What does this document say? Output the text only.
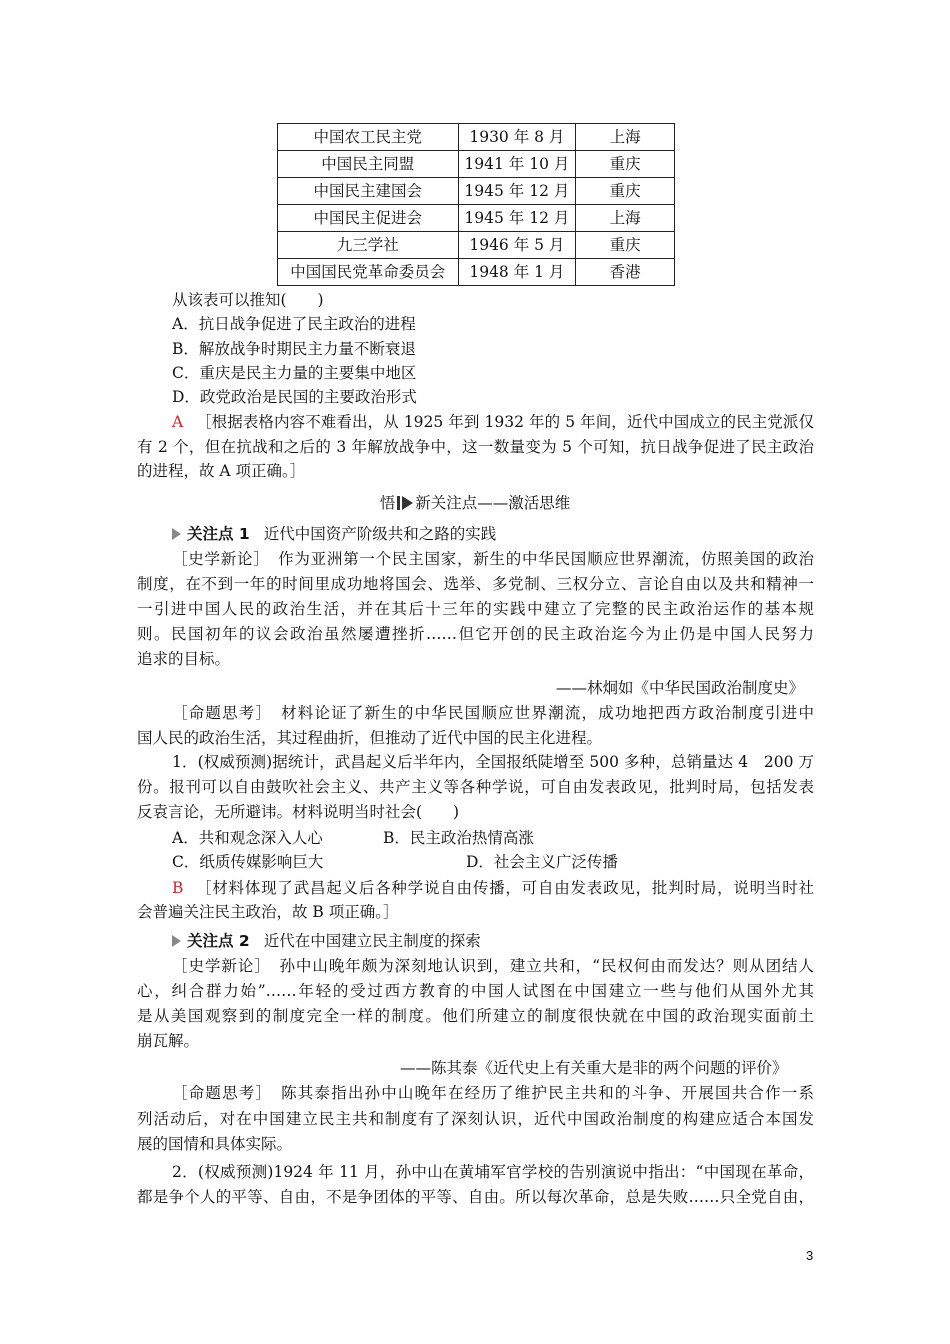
中国农工民主党	1930 年 8 月	上海
中国民主同盟	1941 年 10 月	重庆
中国民主建国会	1945 年 12 月	重庆
中国民主促进会	1945 年 12 月	上海
九三学社	1946 年 5 月	重庆
中国国民党革命委员会	1948 年 1 月	香港
从该表可以推知(　　)
A．抗日战争促进了民主政治的进程
B．解放战争时期民主力量不断衰退
C．重庆是民主力量的主要集中地区
D．政党政治是民国的主要政治形式
A ［根据表格内容不难看出，从 1925 年到 1932 年的 5 年间，近代中国成立的民主党派仅
有 2 个，但在抗战和之后的 3 年解放战争中，这一数量变为 5 个可知，抗日战争促进了民主政治
的进程，故 A 项正确。］
悟 新关注点——激活思维
关注点 1 近代中国资产阶级共和之路的实践
［史学新论］　作为亚洲第一个民主国家，新生的中华民国顺应世界潮流，仿照美国的政治
制度，在不到一年的时间里成功地将国会、选举、多党制、三权分立、言论自由以及共和精神一
一引进中国人民的政治生活，并在其后十三年的实践中建立了完整的民主政治运作的基本规
则。民国初年的议会政治虽然屡遭挫折……但它开创的民主政治迄今为止仍是中国人民努力
追求的目标。
——林炯如《中华民国政治制度史》
［命题思考］　材料论证了新生的中华民国顺应世界潮流，成功地把西方政治制度引进中
国人民的政治生活，其过程曲折，但推动了近代中国的民主化进程。
1．(权威预测)据统计，武昌起义后半年内，全国报纸陡增至 500 多种，总销量达 4　200 万
份。报刊可以自由鼓吹社会主义、共产主义等各种学说，可自由发表政见，批判时局，包括发表
反袁言论，无所避讳。材料说明当时社会(　　)
A．共和观念深入人心	B．民主政治热情高涨
C．纸质传媒影响巨大	D．社会主义广泛传播
B ［材料体现了武昌起义后各种学说自由传播，可自由发表政见，批判时局，说明当时社
会普遍关注民主政治，故 B 项正确。］
关注点 2 近代在中国建立民主制度的探索
［史学新论］　孙中山晚年颇为深刻地认识到，建立共和，“民权何由而发达？则从团结人
心，纠合群力始”……年轻的受过西方教育的中国人试图在中国建立一些与他们从国外尤其
是从美国观察到的制度完全一样的制度。他们所建立的制度很快就在中国的政治现实面前土
崩瓦解。
——陈其泰《近代史上有关重大是非的两个问题的评价》
［命题思考］　陈其泰指出孙中山晚年在经历了维护民主共和的斗争、开展国共合作一系
列活动后，对在中国建立民主共和制度有了深刻认识，近代中国政治制度的构建应适合本国发
展的国情和具体实际。
2．(权威预测)1924 年 11 月，孙中山在黄埔军官学校的告别演说中指出：“中国现在革命，
都是争个人的平等、自由，不是争团体的平等、自由。所以每次革命，总是失败……只全党自由，
3
